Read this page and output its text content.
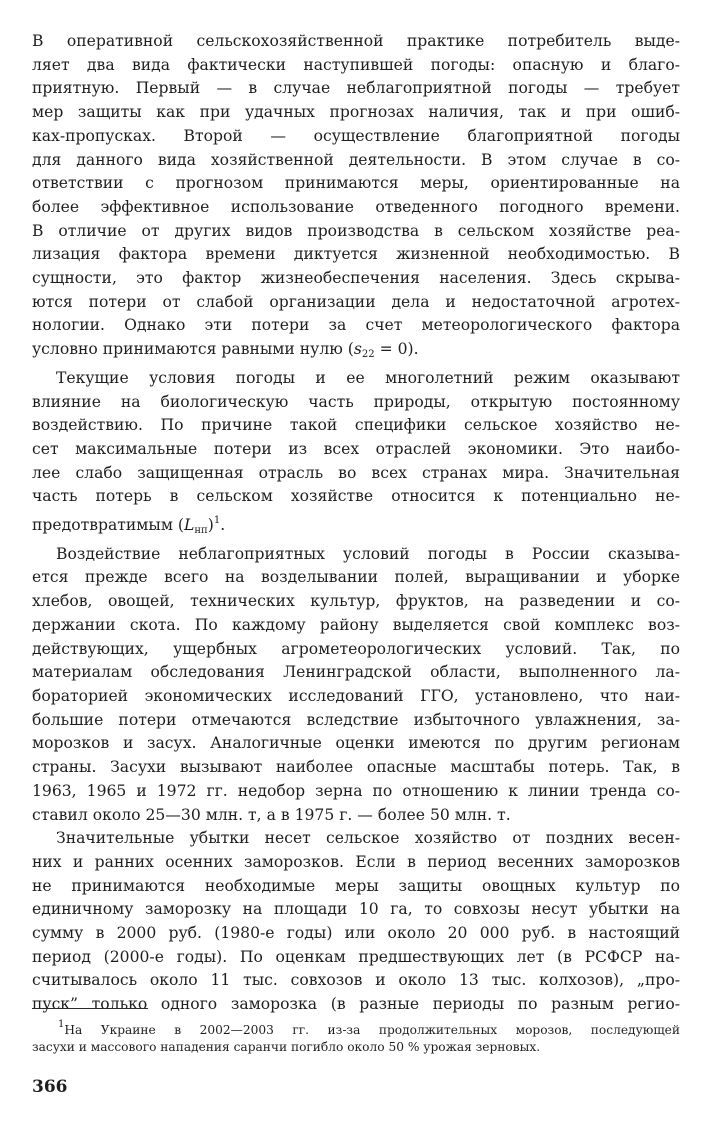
В оперативной сельскохозяйственной практике потребитель выде-
ляет два вида фактически наступившей погоды: опасную и благо-
приятную. Первый — в случае неблагоприятной погоды — требует
мер защиты как при удачных прогнозах наличия, так и при ошиб-
ках-пропусках. Второй — осуществление благоприятной погоды
для данного вида хозяйственной деятельности. В этом случае в со-
ответствии с прогнозом принимаются меры, ориентированные на
более эффективное использование отведенного погодного времени.
В отличие от других видов производства в сельском хозяйстве реа-
лизация фактора времени диктуется жизненной необходимостью. В
сущности, это фактор жизнеобеспечения населения. Здесь скрыва-
ются потери от слабой организации дела и недостаточной агротех-
нологии. Однако эти потери за счет метеорологического фактора
условно принимаются равными нулю $(s_{22} = 0)$.
Текущие условия погоды и ее многолетний режим оказывают
влияние на биологическую часть природы, открытую постоянному
воздействию. По причине такой специфики сельское хозяйство не-
сет максимальные потери из всех отраслей экономики. Это наибо-
лее слабо защищенная отрасль во всех странах мира. Значительная
часть потерь в сельском хозяйстве относится к потенциально не-
предотвратимым $(L_{нп})^1$.
Воздействие неблагоприятных условий погоды в России сказыва-
ется прежде всего на возделывании полей, выращивании и уборке
хлебов, овощей, технических культур, фруктов, на разведении и со-
держании скота. По каждому району выделяется свой комплекс воз-
действующих, ущербных агрометеорологических условий. Так, по
материалам обследования Ленинградской области, выполненного ла-
бораторией экономических исследований ГГО, установлено, что наи-
большие потери отмечаются вследствие избыточного увлажнения, за-
морозков и засух. Аналогичные оценки имеются по другим регионам
страны. Засухи вызывают наиболее опасные масштабы потерь. Так, в
1963, 1965 и 1972 гг. недобор зерна по отношению к линии тренда со-
ставил около 25—30 млн. т, а в 1975 г. — более 50 млн. т.
Значительные убытки несет сельское хозяйство от поздних весен-
них и ранних осенних заморозков. Если в период весенних заморозков
не принимаются необходимые меры защиты овощных культур по
единичному заморозку на площади 10 га, то совхозы несут убытки на
сумму в 2000 руб. (1980-е годы) или около 20 000 руб. в настоящий
период (2000-е годы). По оценкам предшествующих лет (в РСФСР на-
считывалось около 11 тыс. совхозов и около 13 тыс. колхозов), „про-
пуск” только одного заморозка (в разные периоды по разным регио-
$^1$На Украине в 2002—2003 гг. из-за продолжительных морозов, последующей
засухи и массового нападения саранчи погибло около 50 % урожая зерновых.
366
